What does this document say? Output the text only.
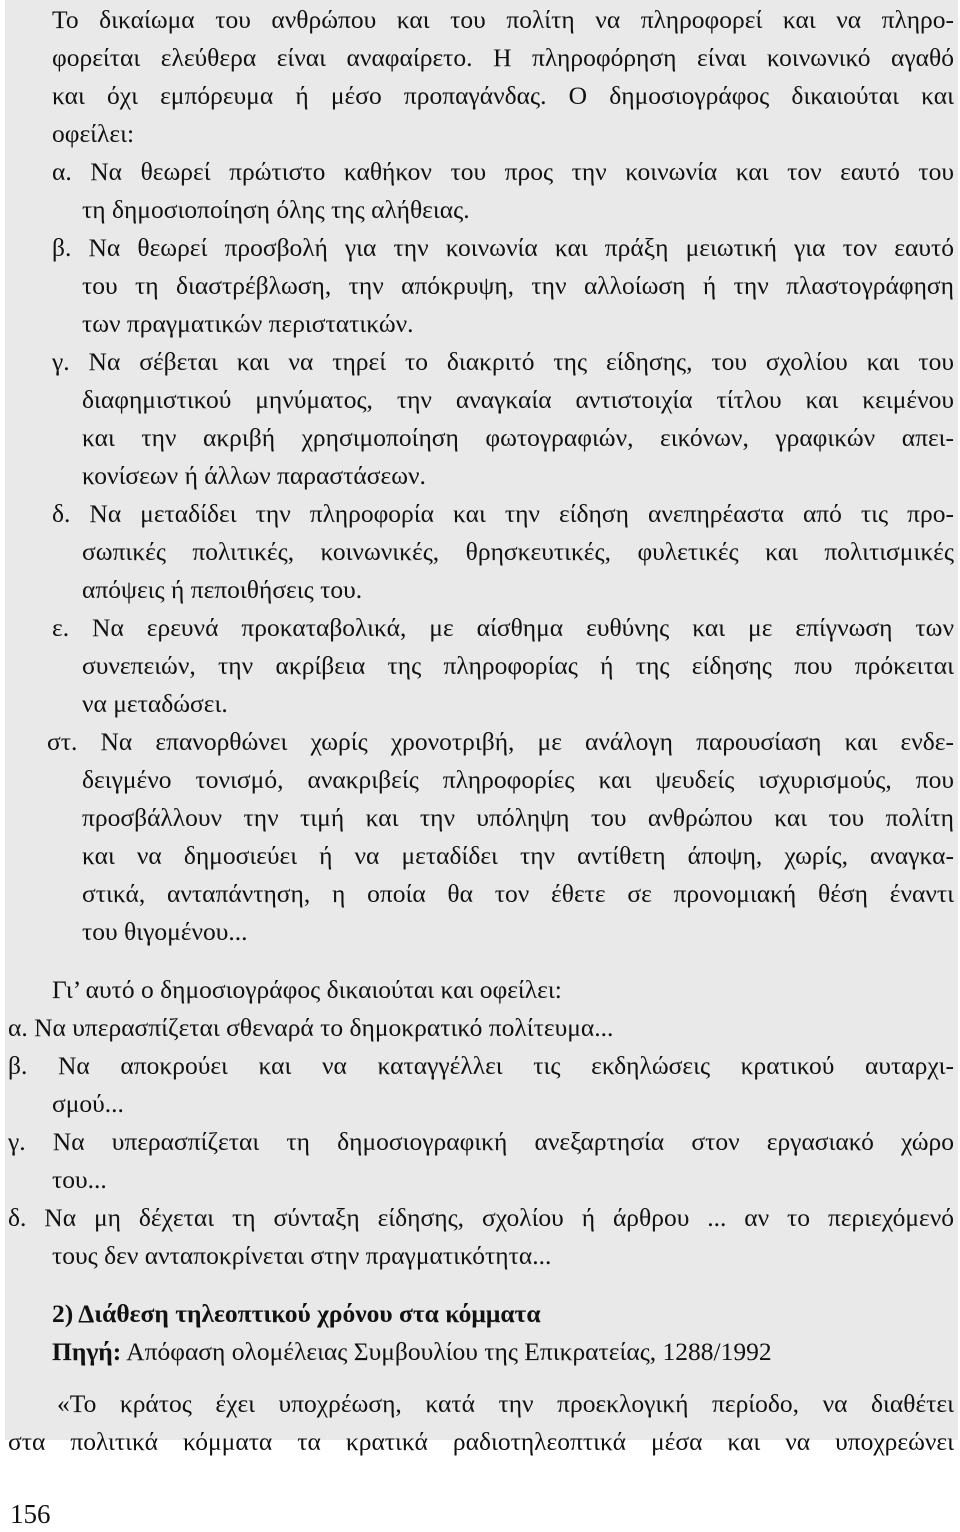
Το δικαίωμα του ανθρώπου και του πολίτη να πληροφορεί και να πληρο-
φορείται ελεύθερα είναι αναφαίρετο. Η πληροφόρηση είναι κοινωνικό αγαθό
και όχι εμπόρευμα ή μέσο προπαγάνδας. Ο δημοσιογράφος δικαιούται και
οφείλει:
α. Να θεωρεί πρώτιστο καθήκον του προς την κοινωνία και τον εαυτό του
τη δημοσιοποίηση όλης της αλήθειας.
β. Να θεωρεί προσβολή για την κοινωνία και πράξη μειωτική για τον εαυτό
του τη διαστρέβλωση, την απόκρυψη, την αλλοίωση ή την πλαστογράφηση
των πραγματικών περιστατικών.
γ. Να σέβεται και να τηρεί το διακριτό της είδησης, του σχολίου και του
διαφημιστικού μηνύματος, την αναγκαία αντιστοιχία τίτλου και κειμένου
και την ακριβή χρησιμοποίηση φωτογραφιών, εικόνων, γραφικών απει-
κονίσεων ή άλλων παραστάσεων.
δ. Να μεταδίδει την πληροφορία και την είδηση ανεπηρέαστα από τις προ-
σωπικές πολιτικές, κοινωνικές, θρησκευτικές, φυλετικές και πολιτισμικές
απόψεις ή πεποιθήσεις του.
ε. Να ερευνά προκαταβολικά, με αίσθημα ευθύνης και με επίγνωση των
συνεπειών, την ακρίβεια της πληροφορίας ή της είδησης που πρόκειται
να μεταδώσει.
στ. Να επανορθώνει χωρίς χρονοτριβή, με ανάλογη παρουσίαση και ενδε-
δειγμένο τονισμό, ανακριβείς πληροφορίες και ψευδείς ισχυρισμούς, που
προσβάλλουν την τιμή και την υπόληψη του ανθρώπου και του πολίτη
και να δημοσιεύει ή να μεταδίδει την αντίθετη άποψη, χωρίς, αναγκα-
στικά, ανταπάντηση, η οποία θα τον έθετε σε προνομιακή θέση έναντι
του θιγομένου...
Γι’ αυτό ο δημοσιογράφος δικαιούται και οφείλει:
α. Να υπερασπίζεται σθεναρά το δημοκρατικό πολίτευμα...
β. Να αποκρούει και να καταγγέλλει τις εκδηλώσεις κρατικού αυταρχι-
σμού...
γ. Να υπερασπίζεται τη δημοσιογραφική ανεξαρτησία στον εργασιακό χώρο
του...
δ. Να μη δέχεται τη σύνταξη είδησης, σχολίου ή άρθρου ... αν το περιεχόμενό
τους δεν ανταποκρίνεται στην πραγματικότητα...
2) Διάθεση τηλεοπτικού χρόνου στα κόμματα
Πηγή: Απόφαση ολομέλειας Συμβουλίου της Επικρατείας, 1288/1992
«Το κράτος έχει υποχρέωση, κατά την προεκλογική περίοδο, να διαθέτει
στα πολιτικά κόμματα τα κρατικά ραδιοτηλεοπτικά μέσα και να υποχρεώνει
156
